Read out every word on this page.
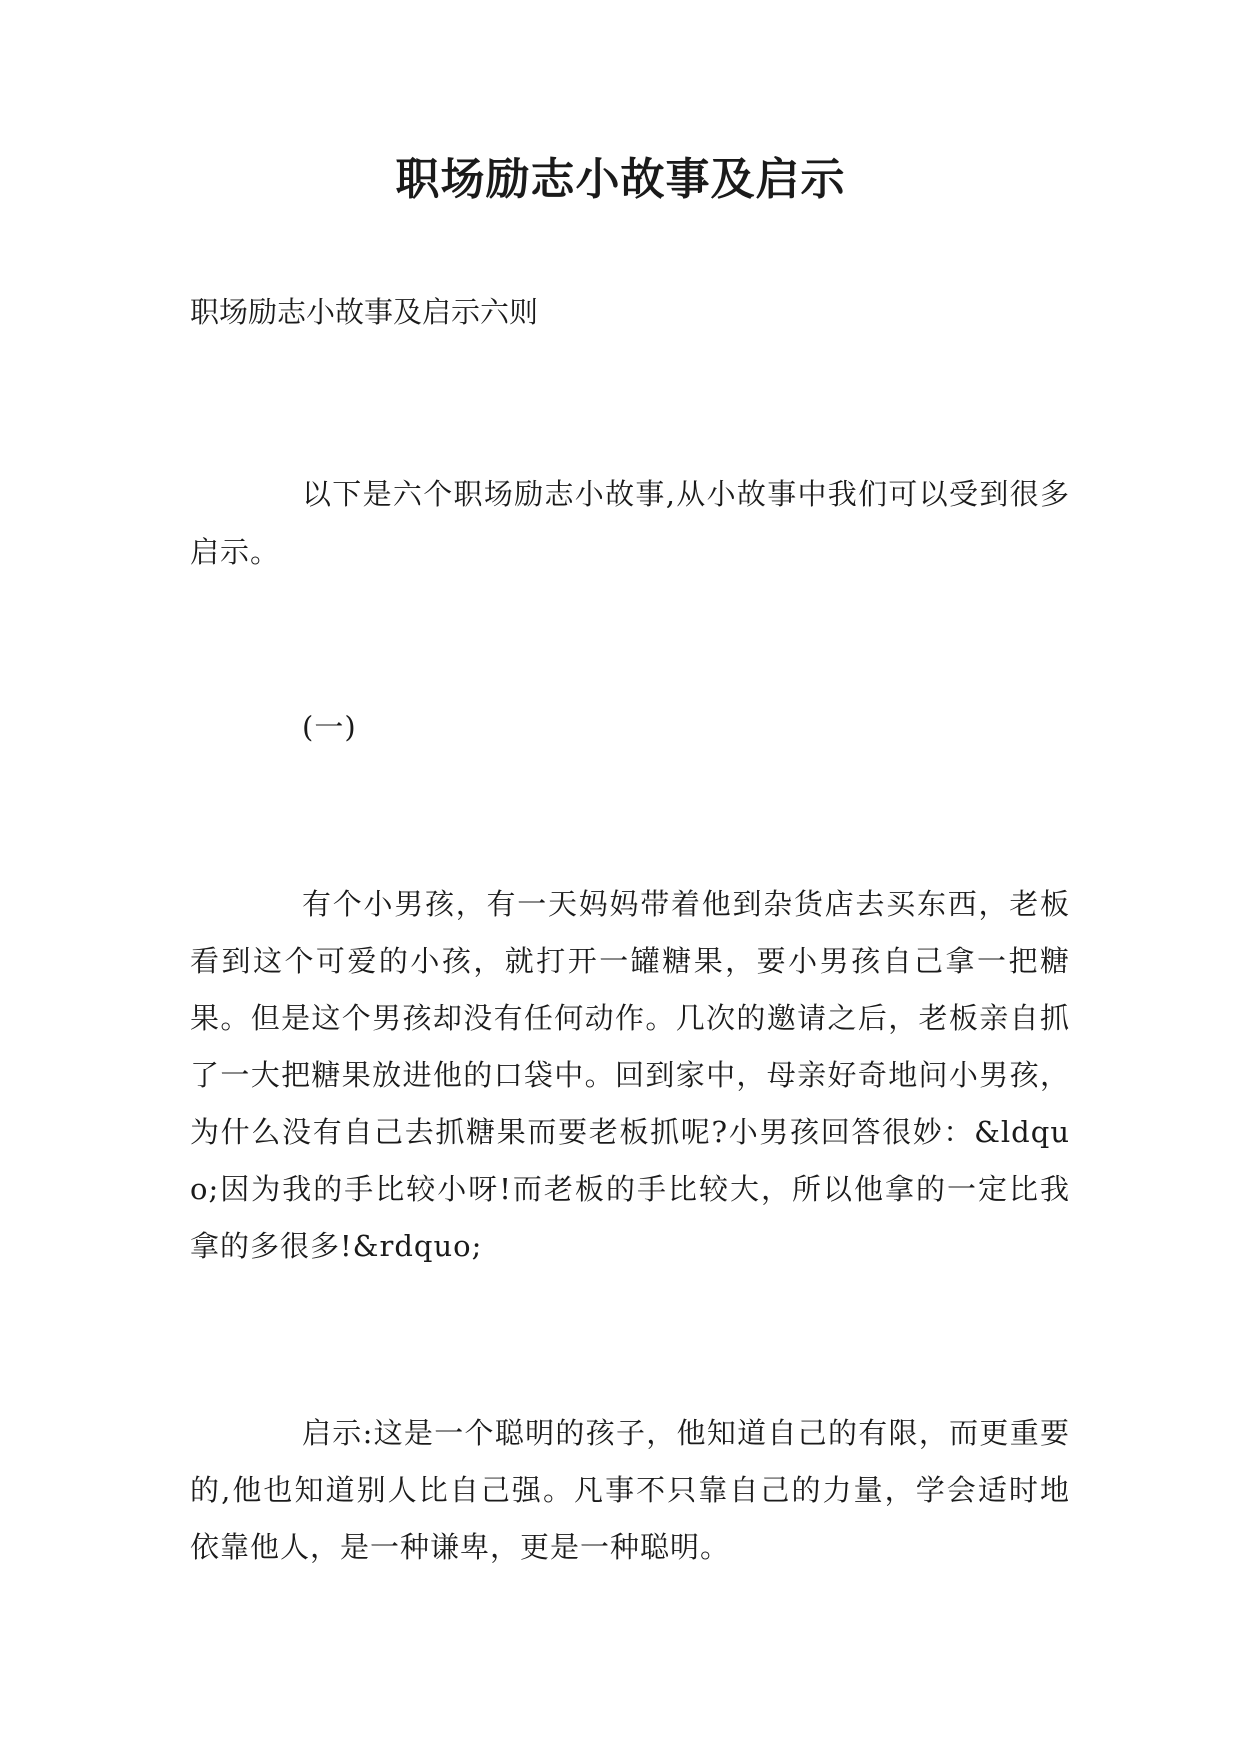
职场励志小故事及启示
职场励志小故事及启示六则
以下是六个职场励志小故事,从小故事中我们可以受到很多启示。
(一)
有个小男孩，有一天妈妈带着他到杂货店去买东西，老板看到这个可爱的小孩，就打开一罐糖果，要小男孩自己拿一把糖果。但是这个男孩却没有任何动作。几次的邀请之后，老板亲自抓了一大把糖果放进他的口袋中。回到家中，母亲好奇地问小男孩，为什么没有自己去抓糖果而要老板抓呢?小男孩回答很妙：&ldquo;因为我的手比较小呀!而老板的手比较大，所以他拿的一定比我拿的多很多!&rdquo;
启示:这是一个聪明的孩子，他知道自己的有限，而更重要的,他也知道别人比自己强。凡事不只靠自己的力量，学会适时地依靠他人，是一种谦卑，更是一种聪明。
